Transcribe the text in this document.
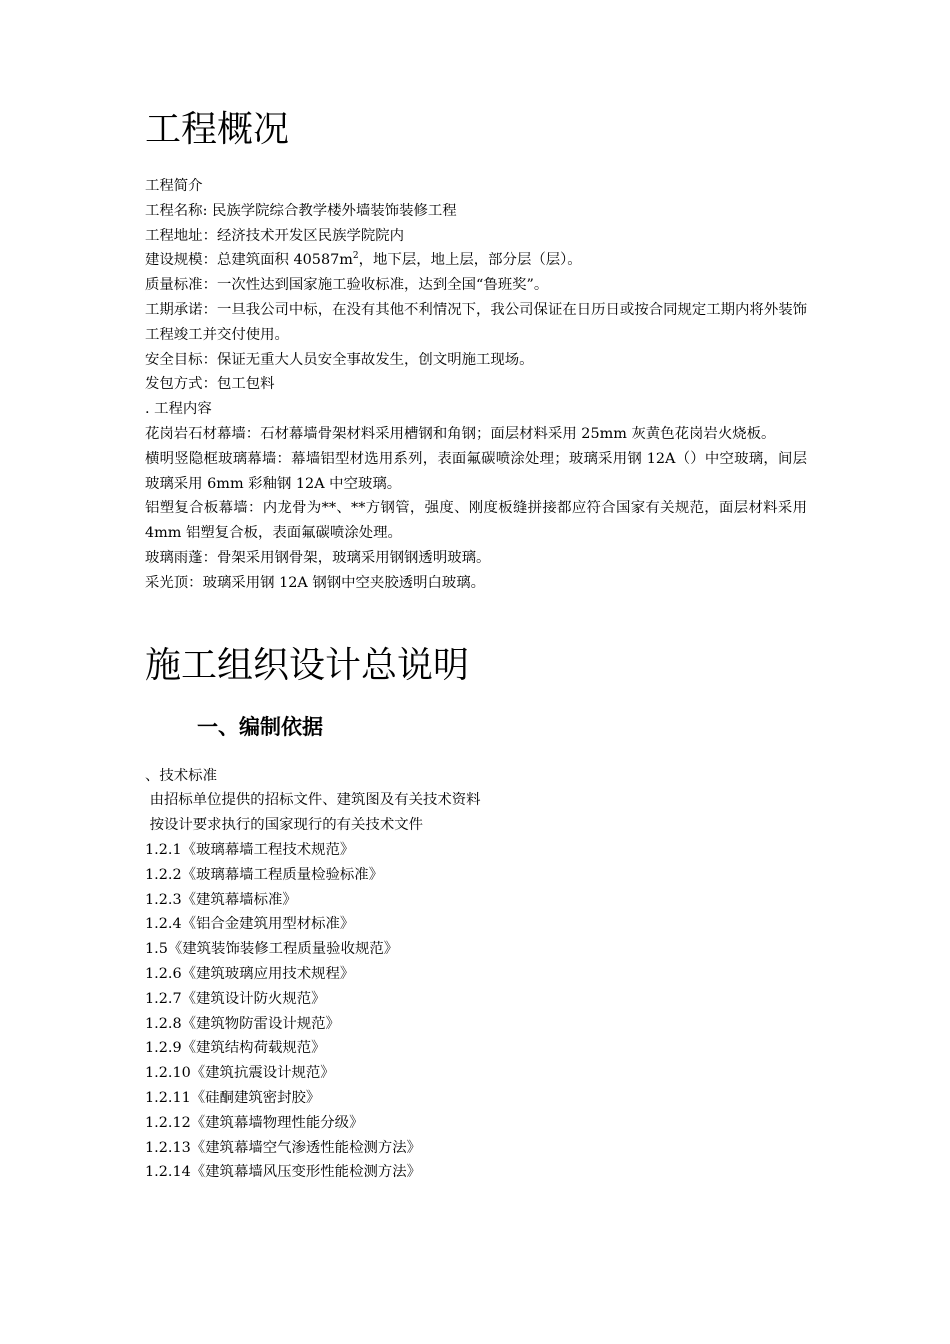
工程概况

工程简介

工程名称: 民族学院综合教学楼外墙装饰装修工程

工程地址：经济技术开发区民族学院院内

建设规模：总建筑面积 $40587m^2$，地下层，地上层，部分层（层）。

质量标准：一次性达到国家施工验收标准，达到全国“鲁班奖”。

工期承诺：一旦我公司中标，在没有其他不利情况下，我公司保证在日历日或按合同规定工期内将外装饰工程竣工并交付使用。

安全目标：保证无重大人员安全事故发生，创文明施工现场。

发包方式：包工包料

. 工程内容

花岗岩石材幕墙：石材幕墙骨架材料采用槽钢和角钢；面层材料采用 25mm 灰黄色花岗岩火烧板。

横明竖隐框玻璃幕墙：幕墙铝型材选用系列，表面氟碳喷涂处理；玻璃采用钢 12A（）中空玻璃，间层玻璃采用 6mm 彩釉钢 12A 中空玻璃。

铝塑复合板幕墙：内龙骨为**、**方钢管，强度、刚度板缝拼接都应符合国家有关规范，面层材料采用 4mm 铝塑复合板，表面氟碳喷涂处理。

玻璃雨蓬：骨架采用钢骨架，玻璃采用钢钢透明玻璃。

采光顶：玻璃采用钢 12A 钢钢中空夹胶透明白玻璃。

施工组织设计总说明
一、编制依据

、技术标准

由招标单位提供的招标文件、建筑图及有关技术资料

按设计要求执行的国家现行的有关技术文件

1.2.1《玻璃幕墙工程技术规范》

1.2.2《玻璃幕墙工程质量检验标准》

1.2.3《建筑幕墙标准》

1.2.4《铝合金建筑用型材标准》

1.5《建筑装饰装修工程质量验收规范》

1.2.6《建筑玻璃应用技术规程》

1.2.7《建筑设计防火规范》

1.2.8《建筑物防雷设计规范》

1.2.9《建筑结构荷载规范》

1.2.10《建筑抗震设计规范》

1.2.11《硅酮建筑密封胶》

1.2.12《建筑幕墙物理性能分级》

1.2.13《建筑幕墙空气渗透性能检测方法》

1.2.14《建筑幕墙风压变形性能检测方法》
